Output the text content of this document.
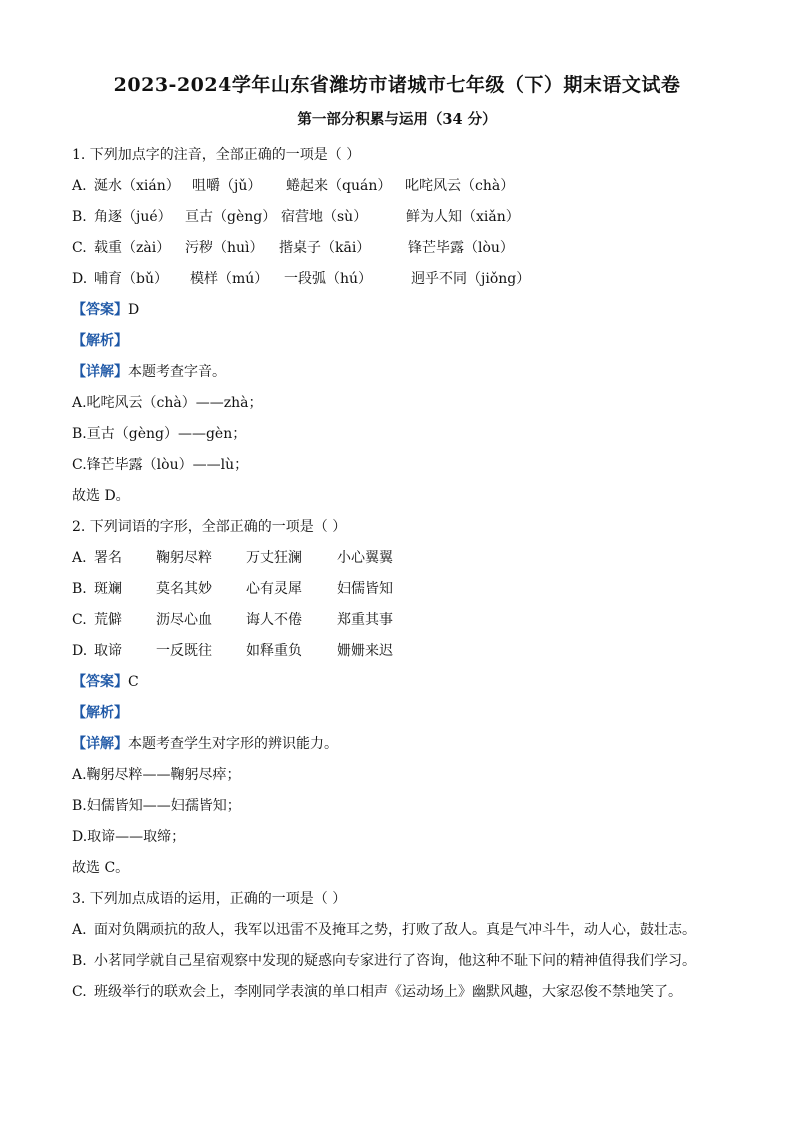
2023-2024学年山东省潍坊市诸城市七年级（下）期末语文试卷
第一部分积累与运用（34 分）
1. 下列加点字的注音，全部正确的一项是（ ）
A. 涎水（xián） 咀嚼（jǔ） 蜷起来（quán） 叱咤风云（chà）
B. 角逐（jué） 亘古（gèng） 宿营地（sù）	鲜为人知（xiǎn）
C. 载重（zài） 污秽（huì） 揩桌子（kāi）	锋芒毕露（lòu）
D. 哺育（bǔ） 模样（mú） 一段弧（hú）	迥乎不同（jiǒng）
【答案】D
【解析】
【详解】本题考查字音。
A.叱咤风云（chà）——zhà；
B.亘古（gèng）——gèn；
C.锋芒毕露（lòu）——lù；
故选 D。
2. 下列词语的字形，全部正确的一项是（ ）
A. 署名 鞠躬尽粹 万丈狂澜	小心翼翼
B. 斑斓 莫名其妙 心有灵犀	妇儒皆知
C. 荒僻 沥尽心血 诲人不倦	郑重其事
D. 取谛 一反既往 如释重负	姗姗来迟
【答案】C
【解析】
【详解】本题考查学生对字形的辨识能力。
A.鞠躬尽粹——鞠躬尽瘁；
B.妇儒皆知——妇孺皆知；
D.取谛——取缔；
故选 C。
3. 下列加点成语的运用，正确的一项是（ ）
A. 面对负隅顽抗的敌人，我军以迅雷不及掩耳之势，打败了敌人。真是气冲斗牛，动人心，鼓壮志。
B. 小茗同学就自己星宿观察中发现的疑惑向专家进行了咨询，他这种不耻下问的精神值得我们学习。
C. 班级举行的联欢会上，李刚同学表演的单口相声《运动场上》幽默风趣，大家忍俊不禁地笑了。
